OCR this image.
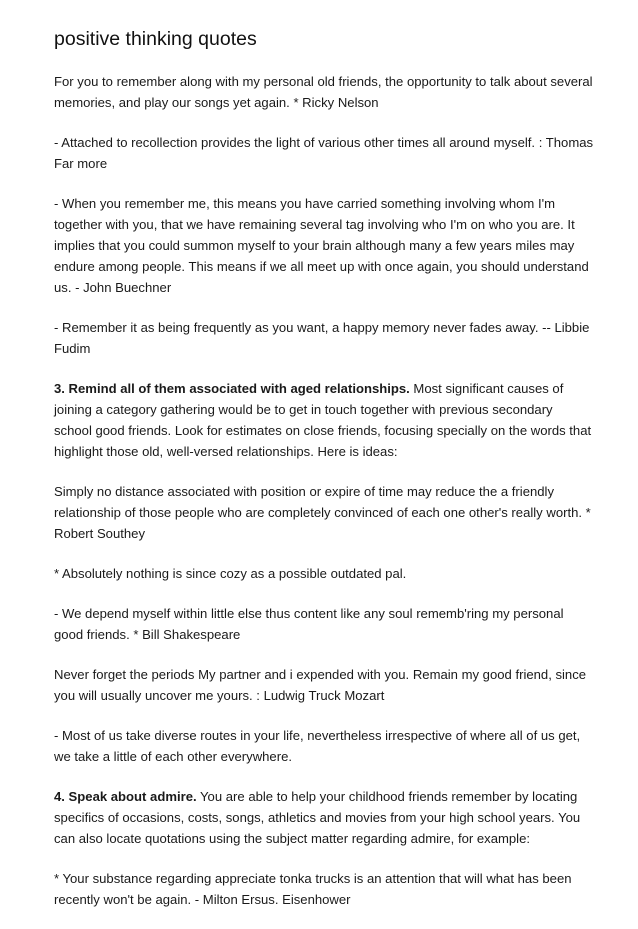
positive thinking quotes

For you to remember along with my personal old friends, the opportunity to talk about several memories, and play our songs yet again. * Ricky Nelson

- Attached to recollection provides the light of various other times all around myself. : Thomas Far more

- When you remember me, this means you have carried something involving whom I'm together with you, that we have remaining several tag involving who I'm on who you are. It implies that you could summon myself to your brain although many a few years miles may endure among people. This means if we all meet up with once again, you should understand us. - John Buechner

- Remember it as being frequently as you want, a happy memory never fades away. -- Libbie Fudim

3. Remind all of them associated with aged relationships. Most significant causes of joining a category gathering would be to get in touch together with previous secondary school good friends. Look for estimates on close friends, focusing specially on the words that highlight those old, well-versed relationships. Here is ideas:

Simply no distance associated with position or expire of time may reduce the a friendly relationship of those people who are completely convinced of each one other's really worth. * Robert Southey

* Absolutely nothing is since cozy as a possible outdated pal.

- We depend myself within little else thus content like any soul rememb'ring my personal good friends. * Bill Shakespeare

Never forget the periods My partner and i expended with you. Remain my good friend, since you will usually uncover me yours. : Ludwig Truck Mozart

- Most of us take diverse routes in your life, nevertheless irrespective of where all of us get, we take a little of each other everywhere.

4. Speak about admire. You are able to help your childhood friends remember by locating specifics of occasions, costs, songs, athletics and movies from your high school years. You can also locate quotations using the subject matter regarding admire, for example:

* Your substance regarding appreciate tonka trucks is an attention that will what has been recently won't be again. - Milton Ersus. Eisenhower
